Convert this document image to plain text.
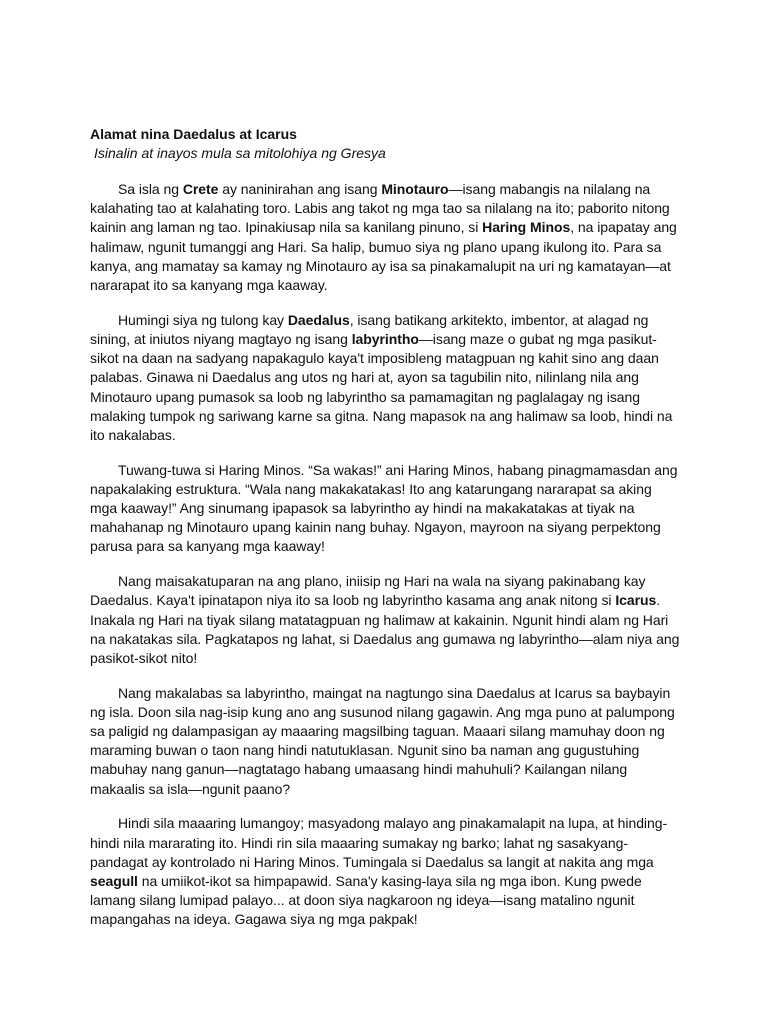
Alamat nina Daedalus at Icarus

Isinalin at inayos mula sa mitolohiya ng Gresya

Sa isla ng Crete ay naninirahan ang isang Minotauro—isang mabangis na nilalang na kalahating tao at kalahating toro. Labis ang takot ng mga tao sa nilalang na ito; paborito nitong kainin ang laman ng tao. Ipinakiusap nila sa kanilang pinuno, si Haring Minos, na ipapatay ang halimaw, ngunit tumanggi ang Hari. Sa halip, bumuo siya ng plano upang ikulong ito. Para sa kanya, ang mamatay sa kamay ng Minotauro ay isa sa pinakamalupit na uri ng kamatayan—at nararapat ito sa kanyang mga kaaway.

Humingi siya ng tulong kay Daedalus, isang batikang arkitekto, imbentor, at alagad ng sining, at iniutos niyang magtayo ng isang labyrintho—isang maze o gubat ng mga pasikut-sikot na daan na sadyang napakagulo kaya't imposibleng matagpuan ng kahit sino ang daan palabas. Ginawa ni Daedalus ang utos ng hari at, ayon sa tagubilin nito, nilinlang nila ang Minotauro upang pumasok sa loob ng labyrintho sa pamamagitan ng paglalagay ng isang malaking tumpok ng sariwang karne sa gitna. Nang mapasok na ang halimaw sa loob, hindi na ito nakalabas.

Tuwang-tuwa si Haring Minos. “Sa wakas!” ani Haring Minos, habang pinagmamasdan ang napakalaking estruktura. “Wala nang makakatakas! Ito ang katarungang nararapat sa aking mga kaaway!” Ang sinumang ipapasok sa labyrintho ay hindi na makakatakas at tiyak na mahahanap ng Minotauro upang kainin nang buhay. Ngayon, mayroon na siyang perpektong parusa para sa kanyang mga kaaway!

Nang maisakatuparan na ang plano, iniisip ng Hari na wala na siyang pakinabang kay Daedalus. Kaya't ipinatapon niya ito sa loob ng labyrintho kasama ang anak nitong si Icarus. Inakala ng Hari na tiyak silang matatagpuan ng halimaw at kakainin. Ngunit hindi alam ng Hari na nakatakas sila. Pagkatapos ng lahat, si Daedalus ang gumawa ng labyrintho—alam niya ang pasikot-sikot nito!

Nang makalabas sa labyrintho, maingat na nagtungo sina Daedalus at Icarus sa baybayin ng isla. Doon sila nag-isip kung ano ang susunod nilang gagawin. Ang mga puno at palumpong sa paligid ng dalampasigan ay maaaring magsilbing taguan. Maaari silang mamuhay doon ng maraming buwan o taon nang hindi natutuklasan. Ngunit sino ba naman ang gugustuhing mabuhay nang ganun—nagtatago habang umaasang hindi mahuhuli? Kailangan nilang makaalis sa isla—ngunit paano?

Hindi sila maaaring lumangoy; masyadong malayo ang pinakamalapit na lupa, at hinding-hindi nila mararating ito. Hindi rin sila maaaring sumakay ng barko; lahat ng sasakyang-pandagat ay kontrolado ni Haring Minos. Tumingala si Daedalus sa langit at nakita ang mga seagull na umiikot-ikot sa himpapawid. Sana'y kasing-laya sila ng mga ibon. Kung pwede lamang silang lumipad palayo... at doon siya nagkaroon ng ideya—isang matalino ngunit mapangahas na ideya. Gagawa siya ng mga pakpak!
